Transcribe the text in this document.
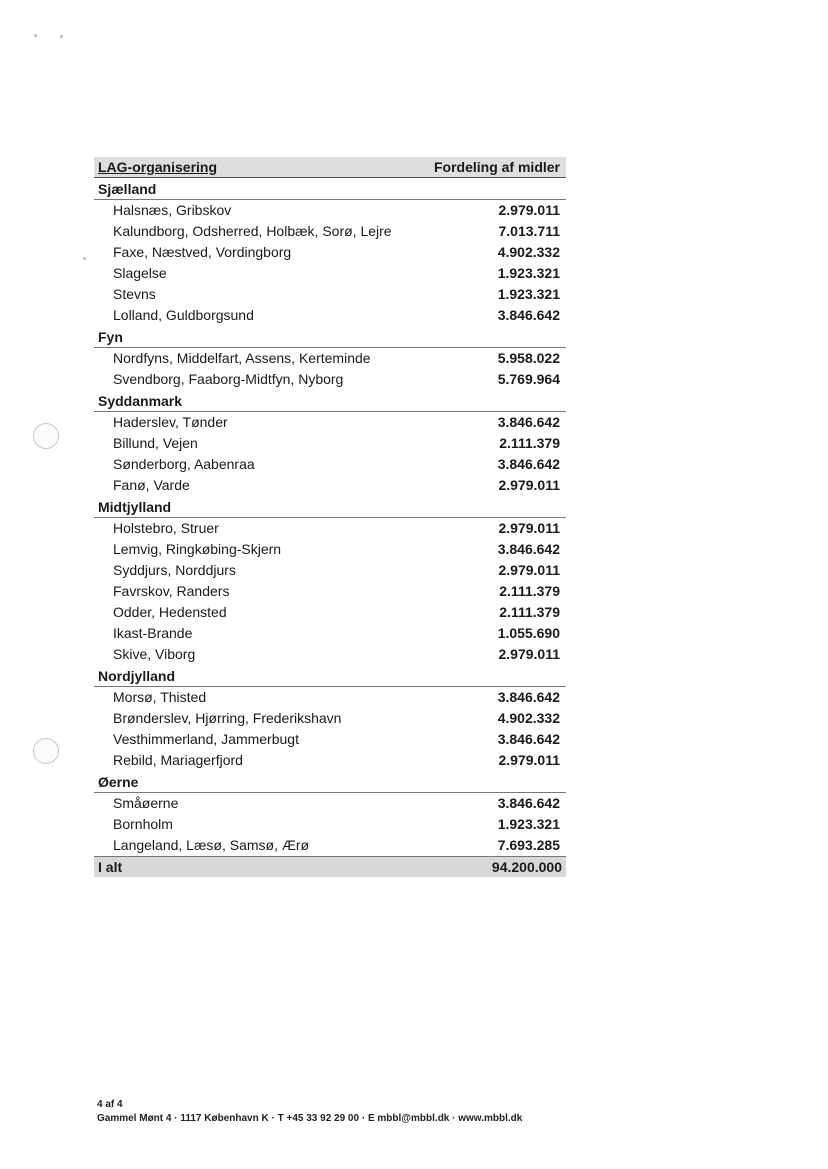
LAG-organisering	Fordeling af midler
Sjælland
Halsnæs, Gribskov	2.979.011
Kalundborg, Odsherred, Holbæk, Sorø, Lejre	7.013.711
Faxe, Næstved, Vordingborg	4.902.332
Slagelse	1.923.321
Stevns	1.923.321
Lolland, Guldborgsund	3.846.642
Fyn
Nordfyns, Middelfart, Assens, Kerteminde	5.958.022
Svendborg, Faaborg-Midtfyn, Nyborg	5.769.964
Syddanmark
Haderslev, Tønder	3.846.642
Billund, Vejen	2.111.379
Sønderborg, Aabenraa	3.846.642
Fanø, Varde	2.979.011
Midtjylland
Holstebro, Struer	2.979.011
Lemvig, Ringkøbing-Skjern	3.846.642
Syddjurs, Norddjurs	2.979.011
Favrskov, Randers	2.111.379
Odder, Hedensted	2.111.379
Ikast-Brande	1.055.690
Skive, Viborg	2.979.011
Nordjylland
Morsø, Thisted	3.846.642
Brønderslev, Hjørring, Frederikshavn	4.902.332
Vesthimmerland, Jammerbugt	3.846.642
Rebild, Mariagerfjord	2.979.011
Øerne
Småøerne	3.846.642
Bornholm	1.923.321
Langeland, Læsø, Samsø, Ærø	7.693.285
I alt	94.200.000
4 af 4
Gammel Mønt 4 · 1117 København K · T +45 33 92 29 00 · E mbbl@mbbl.dk · www.mbbl.dk
